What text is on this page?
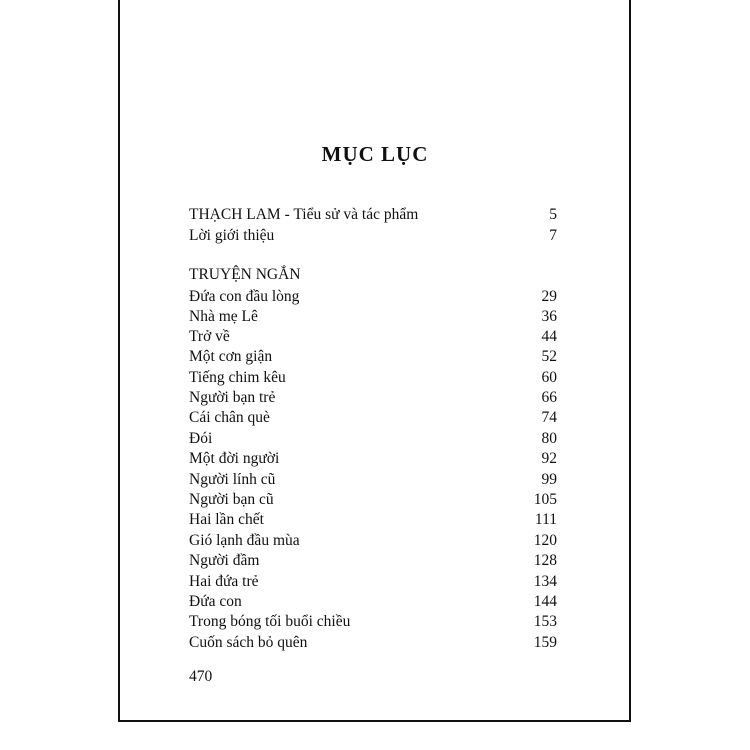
MỤC LỤC
THẠCH LAM - Tiểu sử và tác phẩm	5
Lời giới thiệu	7
TRUYỆN NGẮN
Đứa con đầu lòng	29
Nhà mẹ Lê	36
Trở về	44
Một cơn giận	52
Tiếng chim kêu	60
Người bạn trẻ	66
Cái chân què	74
Đói	80
Một đời người	92
Người lính cũ	99
Người bạn cũ	105
Hai lần chết	111
Gió lạnh đầu mùa	120
Người đầm	128
Hai đứa trẻ	134
Đứa con	144
Trong bóng tối buổi chiều	153
Cuốn sách bỏ quên	159
470
